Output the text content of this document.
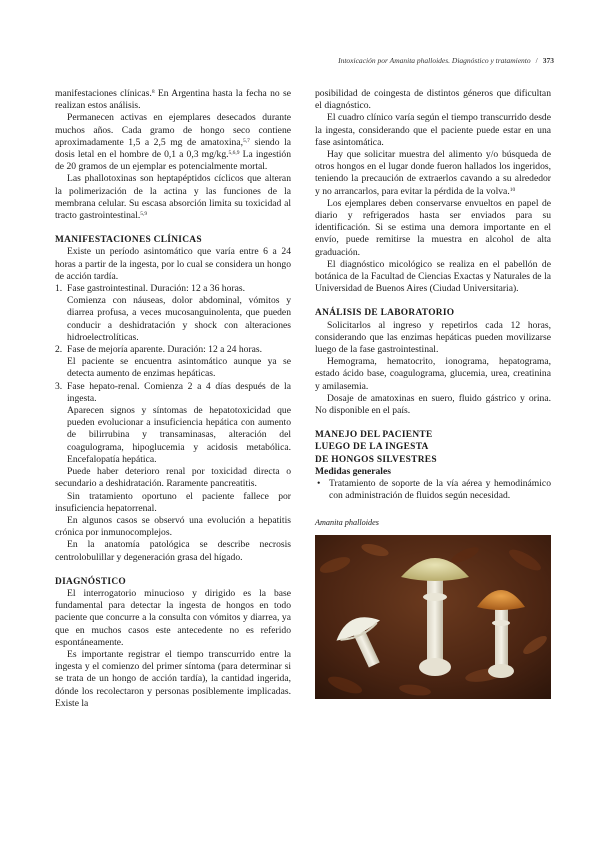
Intoxicación por Amanita phalloides. Diagnóstico y tratamiento / 373

manifestaciones clínicas.$^8$ En Argentina hasta la fecha no se realizan estos análisis.

Permanecen activas en ejemplares desecados durante muchos años. Cada gramo de hongo seco contiene aproximadamente 1,5 a 2,5 mg de amatoxina,$^{5,7}$ siendo la dosis letal en el hombre de 0,1 a 0,3 mg/kg.$^{5,6,9}$ La ingestión de 20 gramos de un ejemplar es potencialmente mortal.

Las phallotoxinas son heptapéptidos cíclicos que alteran la polimerización de la actina y las funciones de la membrana celular. Su escasa absorción limita su toxicidad al tracto gastrointestinal.$^{5,9}$

MANIFESTACIONES CLÍNICAS

Existe un período asintomático que varía entre 6 a 24 horas a partir de la ingesta, por lo cual se considera un hongo de acción tardía.

1. Fase gastrointestinal. Duración: 12 a 36 horas.

Comienza con náuseas, dolor abdominal, vómitos y diarrea profusa, a veces mucosanguinolenta, que pueden conducir a deshidratación y shock con alteraciones hidroelectrolíticas.

2. Fase de mejoría aparente. Duración: 12 a 24 horas.

El paciente se encuentra asintomático aunque ya se detecta aumento de enzimas hepáticas.

3. Fase hepato-renal. Comienza 2 a 4 días después de la ingesta.

Aparecen signos y síntomas de hepatotoxicidad que pueden evolucionar a insuficiencia hepática con aumento de bilirrubina y transaminasas, alteración del coagulograma, hipoglucemia y acidosis metabólica. Encefalopatía hepática.

Puede haber deterioro renal por toxicidad directa o secundario a deshidratación. Raramente pancreatitis.

Sin tratamiento oportuno el paciente fallece por insuficiencia hepatorrenal.

En algunos casos se observó una evolución a hepatitis crónica por inmunocomplejos.

En la anatomía patológica se describe necrosis centrolobulillar y degeneración grasa del hígado.

DIAGNÓSTICO

El interrogatorio minucioso y dirigido es la base fundamental para detectar la ingesta de hongos en todo paciente que concurre a la consulta con vómitos y diarrea, ya que en muchos casos este antecedente no es referido espontáneamente.

Es importante registrar el tiempo transcurrido entre la ingesta y el comienzo del primer síntoma (para determinar si se trata de un hongo de acción tardía), la cantidad ingerida, dónde los recolectaron y personas posiblemente implicadas. Existe la

posibilidad de coingesta de distintos géneros que dificultan el diagnóstico.

El cuadro clínico varía según el tiempo transcurrido desde la ingesta, considerando que el paciente puede estar en una fase asintomática.

Hay que solicitar muestra del alimento y/o búsqueda de otros hongos en el lugar donde fueron hallados los ingeridos, teniendo la precaución de extraerlos cavando a su alrededor y no arrancarlos, para evitar la pérdida de la volva.$^{10}$

Los ejemplares deben conservarse envueltos en papel de diario y refrigerados hasta ser enviados para su identificación. Si se estima una demora importante en el envío, puede remitirse la muestra en alcohol de alta graduación.

El diagnóstico micológico se realiza en el pabellón de botánica de la Facultad de Ciencias Exactas y Naturales de la Universidad de Buenos Aires (Ciudad Universitaria).

ANÁLISIS DE LABORATORIO

Solicitarlos al ingreso y repetirlos cada 12 horas, considerando que las enzimas hepáticas pueden movilizarse luego de la fase gastrointestinal.

Hemograma, hematocrito, ionograma, hepatograma, estado ácido base, coagulograma, glucemia, urea, creatinina y amilasemia.

Dosaje de amatoxinas en suero, fluido gástrico y orina. No disponible en el país.

MANEJO DEL PACIENTE
LUEGO DE LA INGESTA
DE HONGOS SILVESTRES
Medidas generales
• Tratamiento de soporte de la vía aérea y hemodinámico con administración de fluidos según necesidad.

Amanita phalloides
